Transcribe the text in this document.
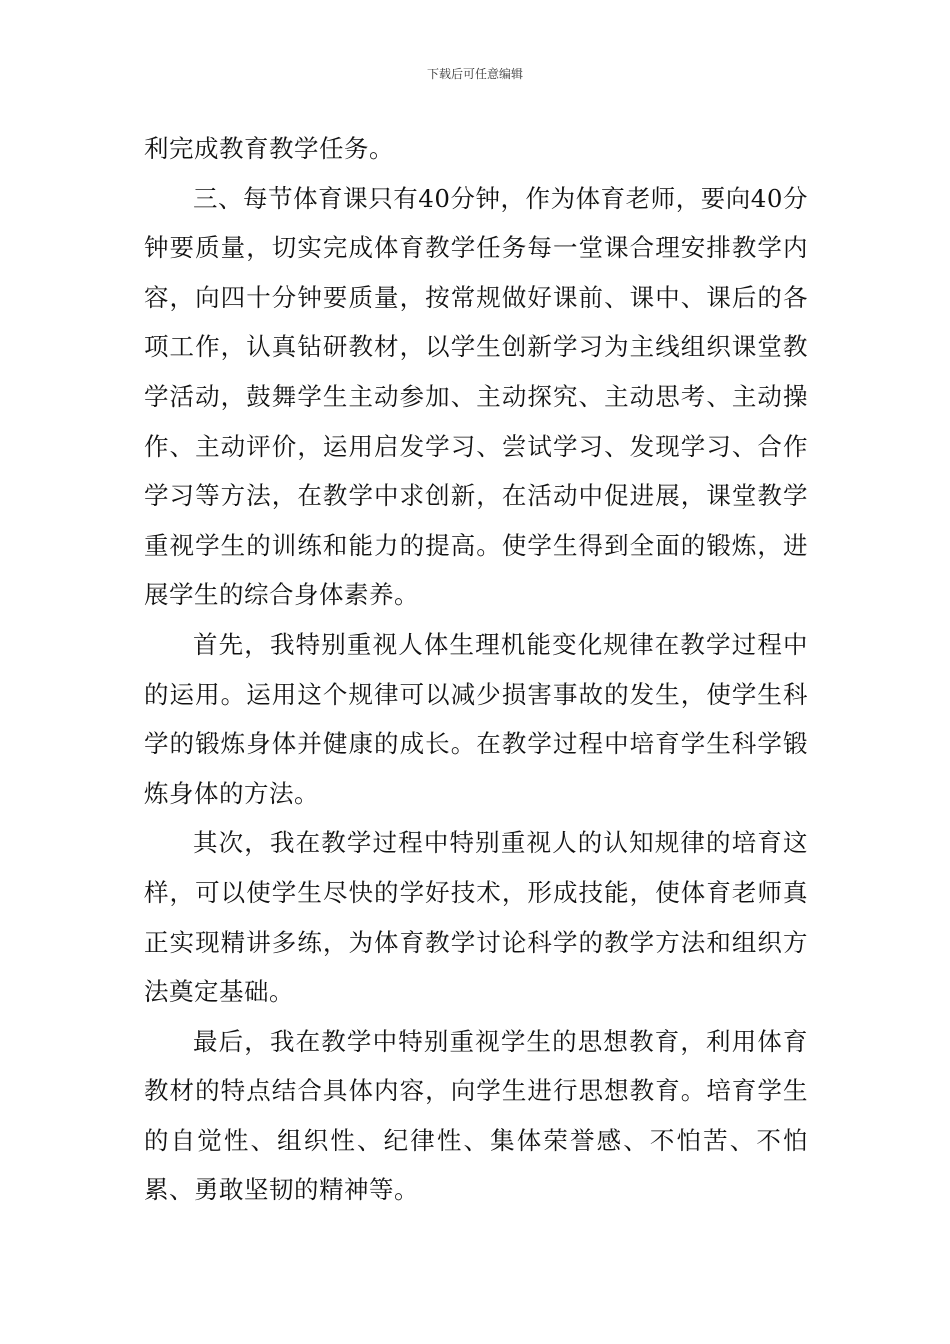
下载后可任意编辑

利完成教育教学任务。

三、每节体育课只有40分钟，作为体育老师，要向40分钟要质量，切实完成体育教学任务每一堂课合理安排教学内容，向四十分钟要质量，按常规做好课前、课中、课后的各项工作，认真钻研教材，以学生创新学习为主线组织课堂教学活动，鼓舞学生主动参加、主动探究、主动思考、主动操作、主动评价，运用启发学习、尝试学习、发现学习、合作学习等方法，在教学中求创新，在活动中促进展，课堂教学重视学生的训练和能力的提高。使学生得到全面的锻炼，进展学生的综合身体素养。

首先，我特别重视人体生理机能变化规律在教学过程中的运用。运用这个规律可以减少损害事故的发生，使学生科学的锻炼身体并健康的成长。在教学过程中培育学生科学锻炼身体的方法。

其次，我在教学过程中特别重视人的认知规律的培育这样，可以使学生尽快的学好技术，形成技能，使体育老师真正实现精讲多练，为体育教学讨论科学的教学方法和组织方法奠定基础。

最后，我在教学中特别重视学生的思想教育，利用体育教材的特点结合具体内容，向学生进行思想教育。培育学生的自觉性、组织性、纪律性、集体荣誉感、不怕苦、不怕累、勇敢坚韧的精神等。
